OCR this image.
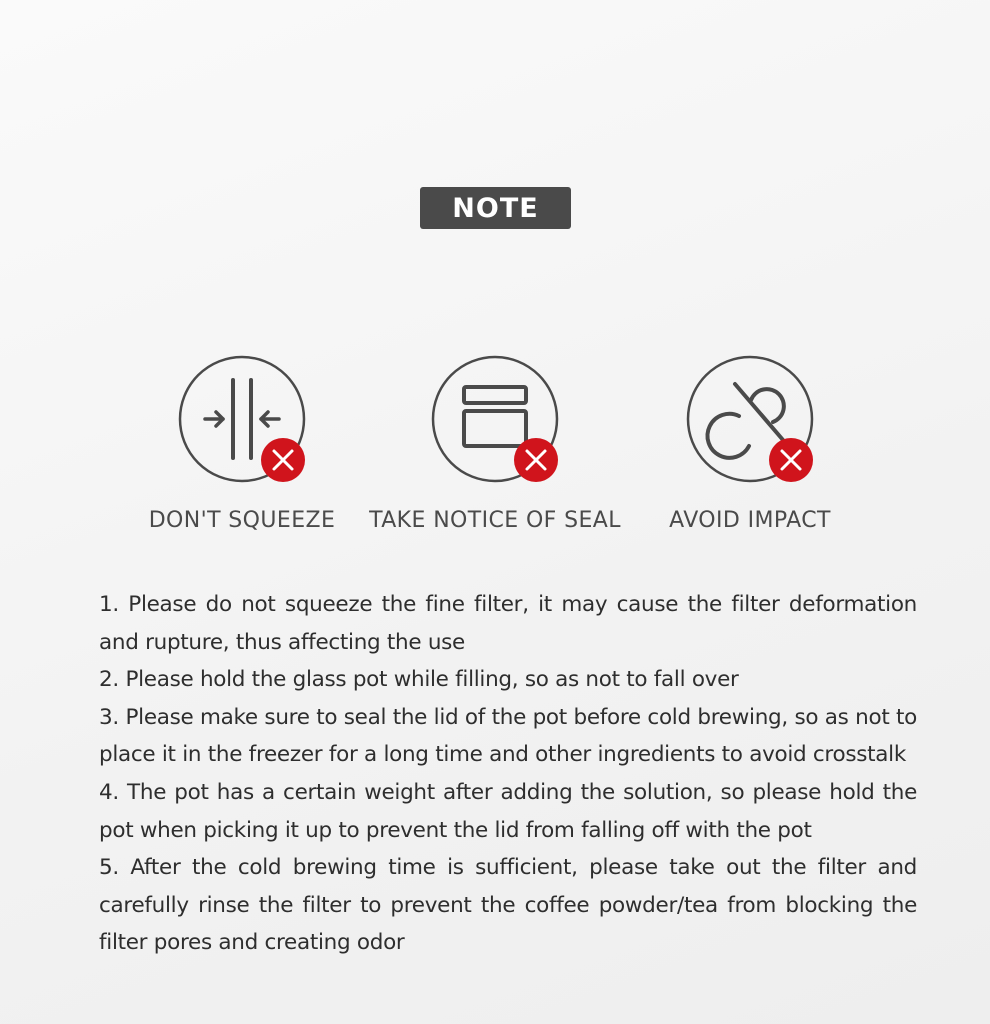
NOTE
DON'T SQUEEZE	TAKE NOTICE OF SEAL	AVOID IMPACT

1. Please do not squeeze the fine filter, it may cause the filter deformation and rupture, thus affecting the use

2. Please hold the glass pot while filling, so as not to fall over

3. Please make sure to seal the lid of the pot before cold brewing, so as not to place it in the freezer for a long time and other ingredients to avoid crosstalk

4. The pot has a certain weight after adding the solution, so please hold the pot when picking it up to prevent the lid from falling off with the pot

5. After the cold brewing time is sufficient, please take out the filter and carefully rinse the filter to prevent the coffee powder/tea from blocking the filter pores and creating odor
